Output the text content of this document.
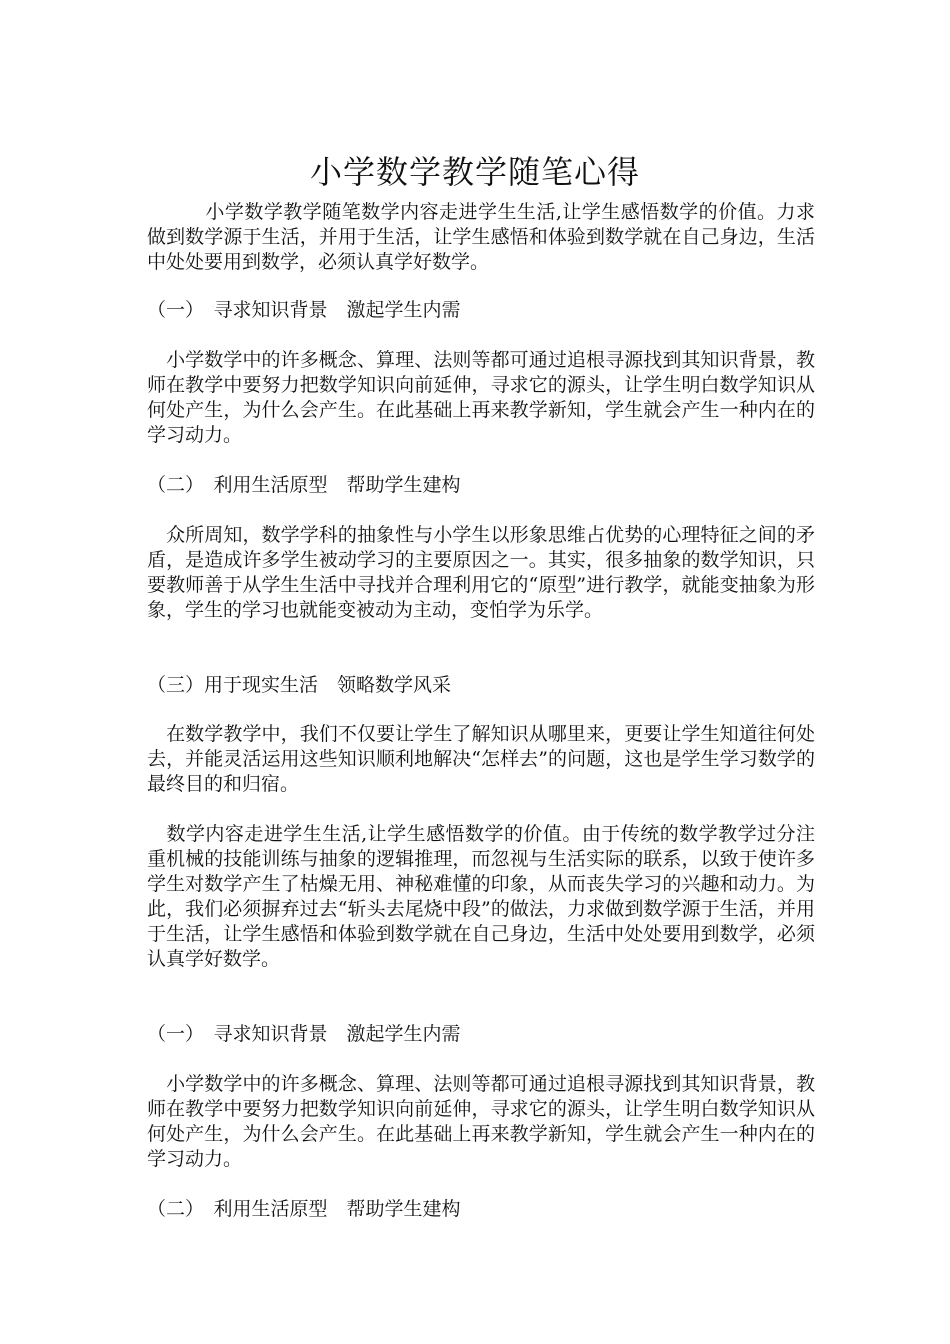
小学数学教学随笔心得

　　　小学数学教学随笔数学内容走进学生生活,让学生感悟数学的价值。力求做到数学源于生活，并用于生活，让学生感悟和体验到数学就在自己身边，生活中处处要用到数学，必须认真学好数学。

（一）　寻求知识背景　激起学生内需

　小学数学中的许多概念、算理、法则等都可通过追根寻源找到其知识背景，教师在教学中要努力把数学知识向前延伸，寻求它的源头，让学生明白数学知识从何处产生，为什么会产生。在此基础上再来教学新知，学生就会产生一种内在的学习动力。

（二）　利用生活原型　帮助学生建构

　众所周知，数学学科的抽象性与小学生以形象思维占优势的心理特征之间的矛盾，是造成许多学生被动学习的主要原因之一。其实，很多抽象的数学知识，只要教师善于从学生生活中寻找并合理利用它的“原型”进行教学，就能变抽象为形象，学生的学习也就能变被动为主动，变怕学为乐学。

（三）用于现实生活　领略数学风采

　在数学教学中，我们不仅要让学生了解知识从哪里来，更要让学生知道往何处去，并能灵活运用这些知识顺利地解决“怎样去”的问题，这也是学生学习数学的最终目的和归宿。

　数学内容走进学生生活,让学生感悟数学的价值。由于传统的数学教学过分注重机械的技能训练与抽象的逻辑推理，而忽视与生活实际的联系，以致于使许多学生对数学产生了枯燥无用、神秘难懂的印象，从而丧失学习的兴趣和动力。为此，我们必须摒弃过去“斩头去尾烧中段”的做法，力求做到数学源于生活，并用于生活，让学生感悟和体验到数学就在自己身边，生活中处处要用到数学，必须认真学好数学。

（一）　寻求知识背景　激起学生内需

　小学数学中的许多概念、算理、法则等都可通过追根寻源找到其知识背景，教师在教学中要努力把数学知识向前延伸，寻求它的源头，让学生明白数学知识从何处产生，为什么会产生。在此基础上再来教学新知，学生就会产生一种内在的学习动力。

（二）　利用生活原型　帮助学生建构
